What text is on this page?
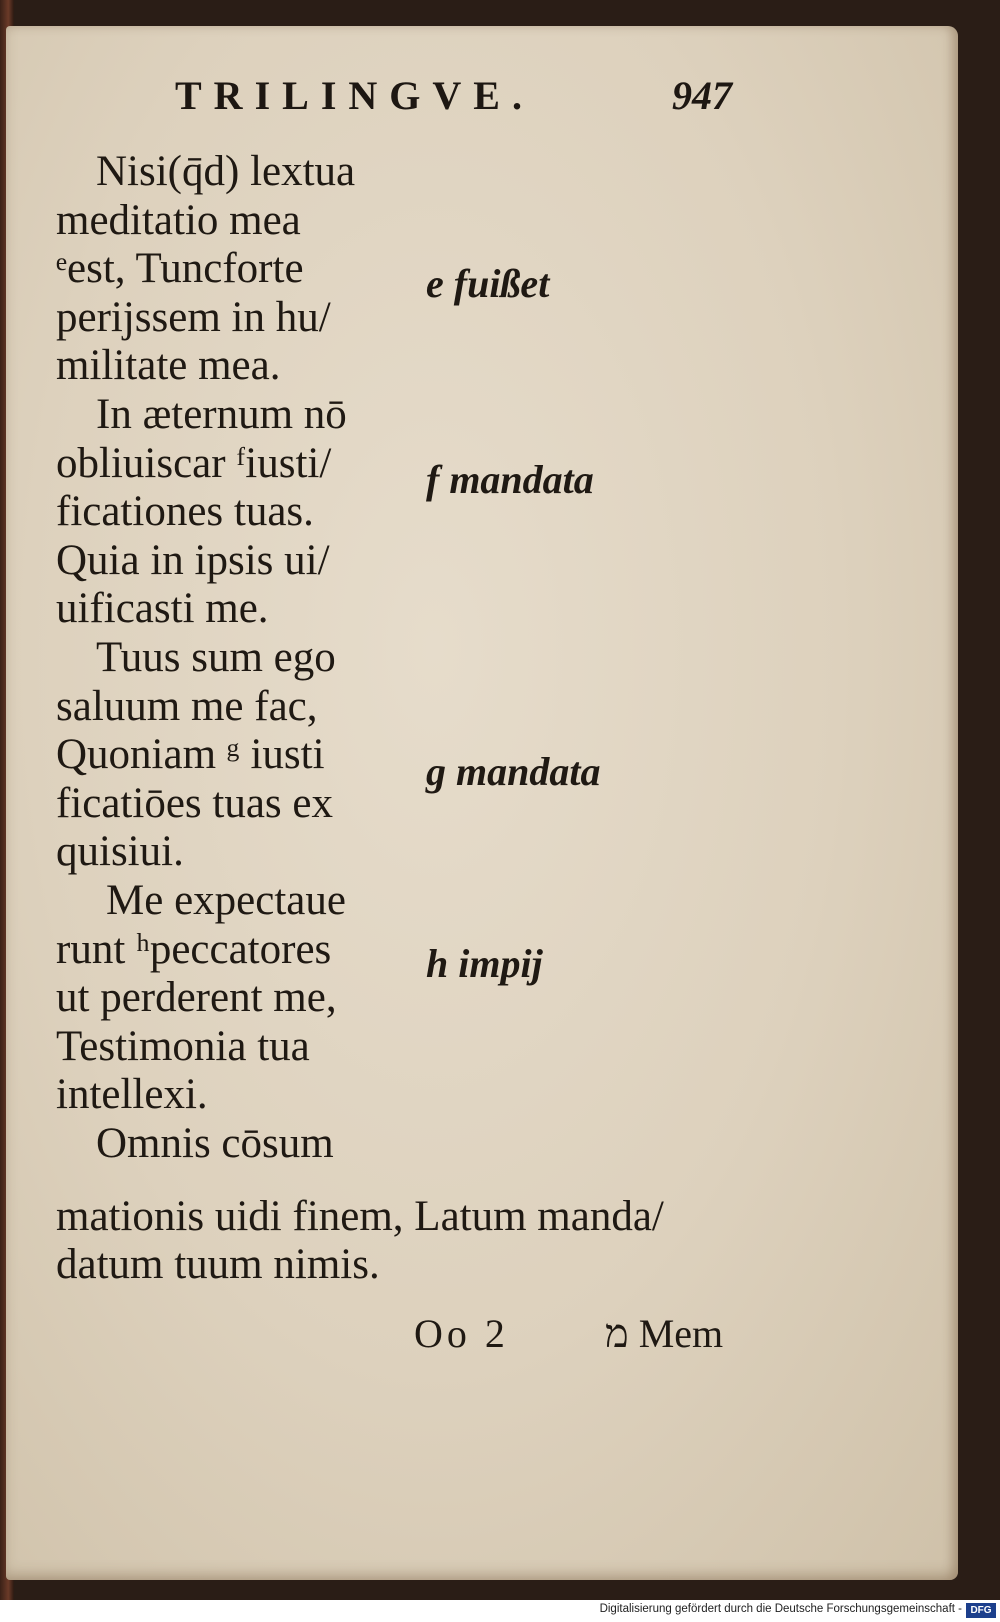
TRILINGVE.	947
Nisi(q̄d) lextua
meditatio mea
ᵉest, Tuncforte
perijssem in hu/
militate mea.
In æternum nō
obliuiscar ᶠiusti/
ficationes tuas.
Quia in ipsis ui/
uificasti me.
Tuus sum ego
saluum me fac,
Quoniam ᵍ iusti
ficatiōes tuas ex
quisiui.
Me expectaue
runt ʰpeccatores
ut perderent me,
Testimonia tua
intellexi.
Omnis cōsum
mationis uidi finem, Latum manda/
datum tuum nimis.
e fuißet
f mandata
g mandata
h impij
Oo 2 מ Mem
Digitalisierung gefördert durch die Deutsche Forschungsgemeinschaft - DFG
